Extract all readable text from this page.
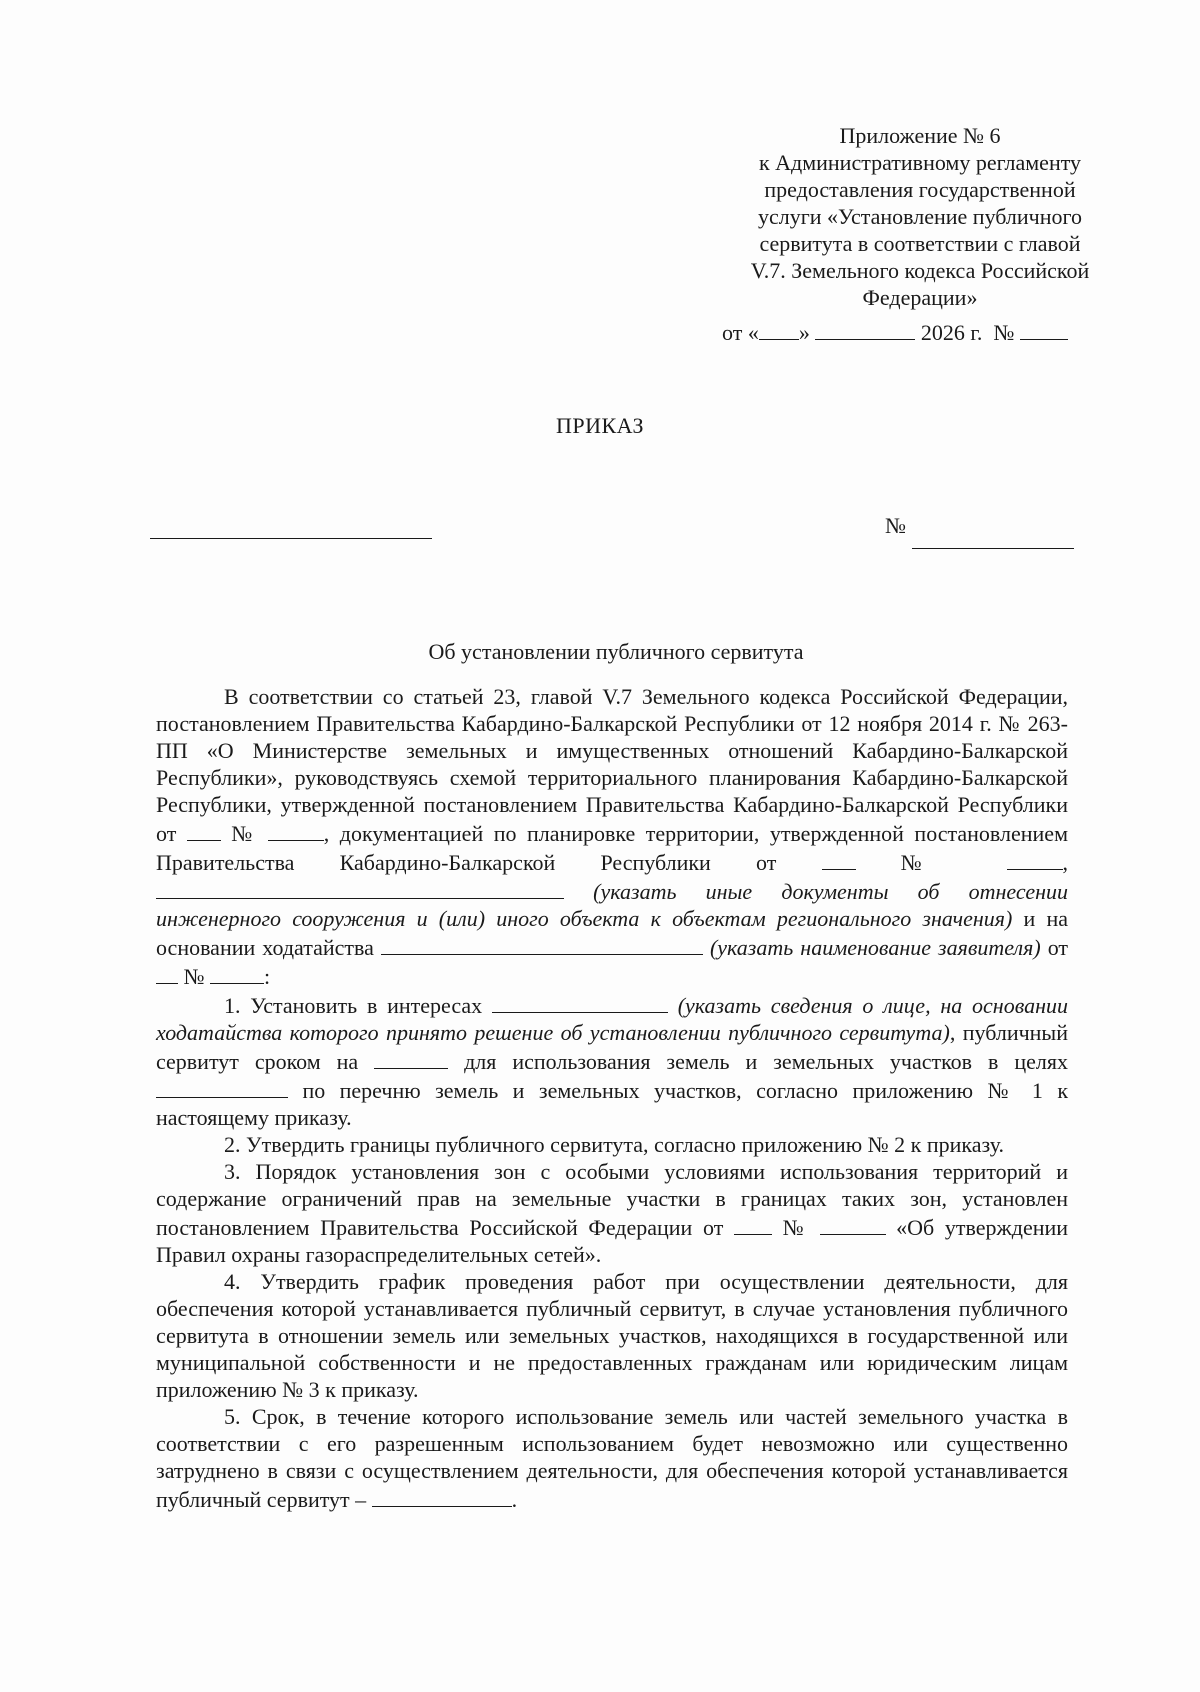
Приложение № 6
к Административному регламенту
предоставления государственной
услуги «Установление публичного
сервитута в соответствии с главой
V.7. Земельного кодекса Российской
Федерации»
от « »	2026 г. №
ПРИКАЗ
№
Об установлении публичного сервитута

В соответствии со статьей 23, главой V.7 Земельного кодекса Российской Федерации, постановлением Правительства Кабардино-Балкарской Республики от 12 ноября 2014 г. № 263-ПП «О Министерстве земельных и имущественных отношений Кабардино-Балкарской Республики», руководствуясь схемой территориального планирования Кабардино-Балкарской Республики, утвержденной постановлением Правительства Кабардино-Балкарской Республики от №	, документацией по планировке территории, утвержденной постановлением Правительства Кабардино-Балкарской Республики от	№	,  (указать иные документы об отнесении инженерного сооружения и (или) иного объекта к объектам регионального значения) и на основании ходатайства	(указать наименование заявителя) от  №	:

1. Установить в интересах	(указать сведения о лице, на основании ходатайства которого принято решение об установлении публичного сервитута), публичный сервитут сроком на	для использования земель и земельных участков в целях  по перечню земель и земельных участков, согласно приложению № 1 к настоящему приказу.

2. Утвердить границы публичного сервитута, согласно приложению № 2 к приказу.

3. Порядок установления зон с особыми условиями использования территорий и содержание ограничений прав на земельные участки в границах таких зон, установлен постановлением Правительства Российской Федерации от	№	«Об утверждении Правил охраны газораспределительных сетей».

4. Утвердить график проведения работ при осуществлении деятельности, для обеспечения которой устанавливается публичный сервитут, в случае установления публичного сервитута в отношении земель или земельных участков, находящихся в государственной или муниципальной собственности и не предоставленных гражданам или юридическим лицам приложению № 3 к приказу.

5. Срок, в течение которого использование земель или частей земельного участка в соответствии с его разрешенным использованием будет невозможно или существенно затруднено в связи с осуществлением деятельности, для обеспечения которой устанавливается публичный сервитут –	.
